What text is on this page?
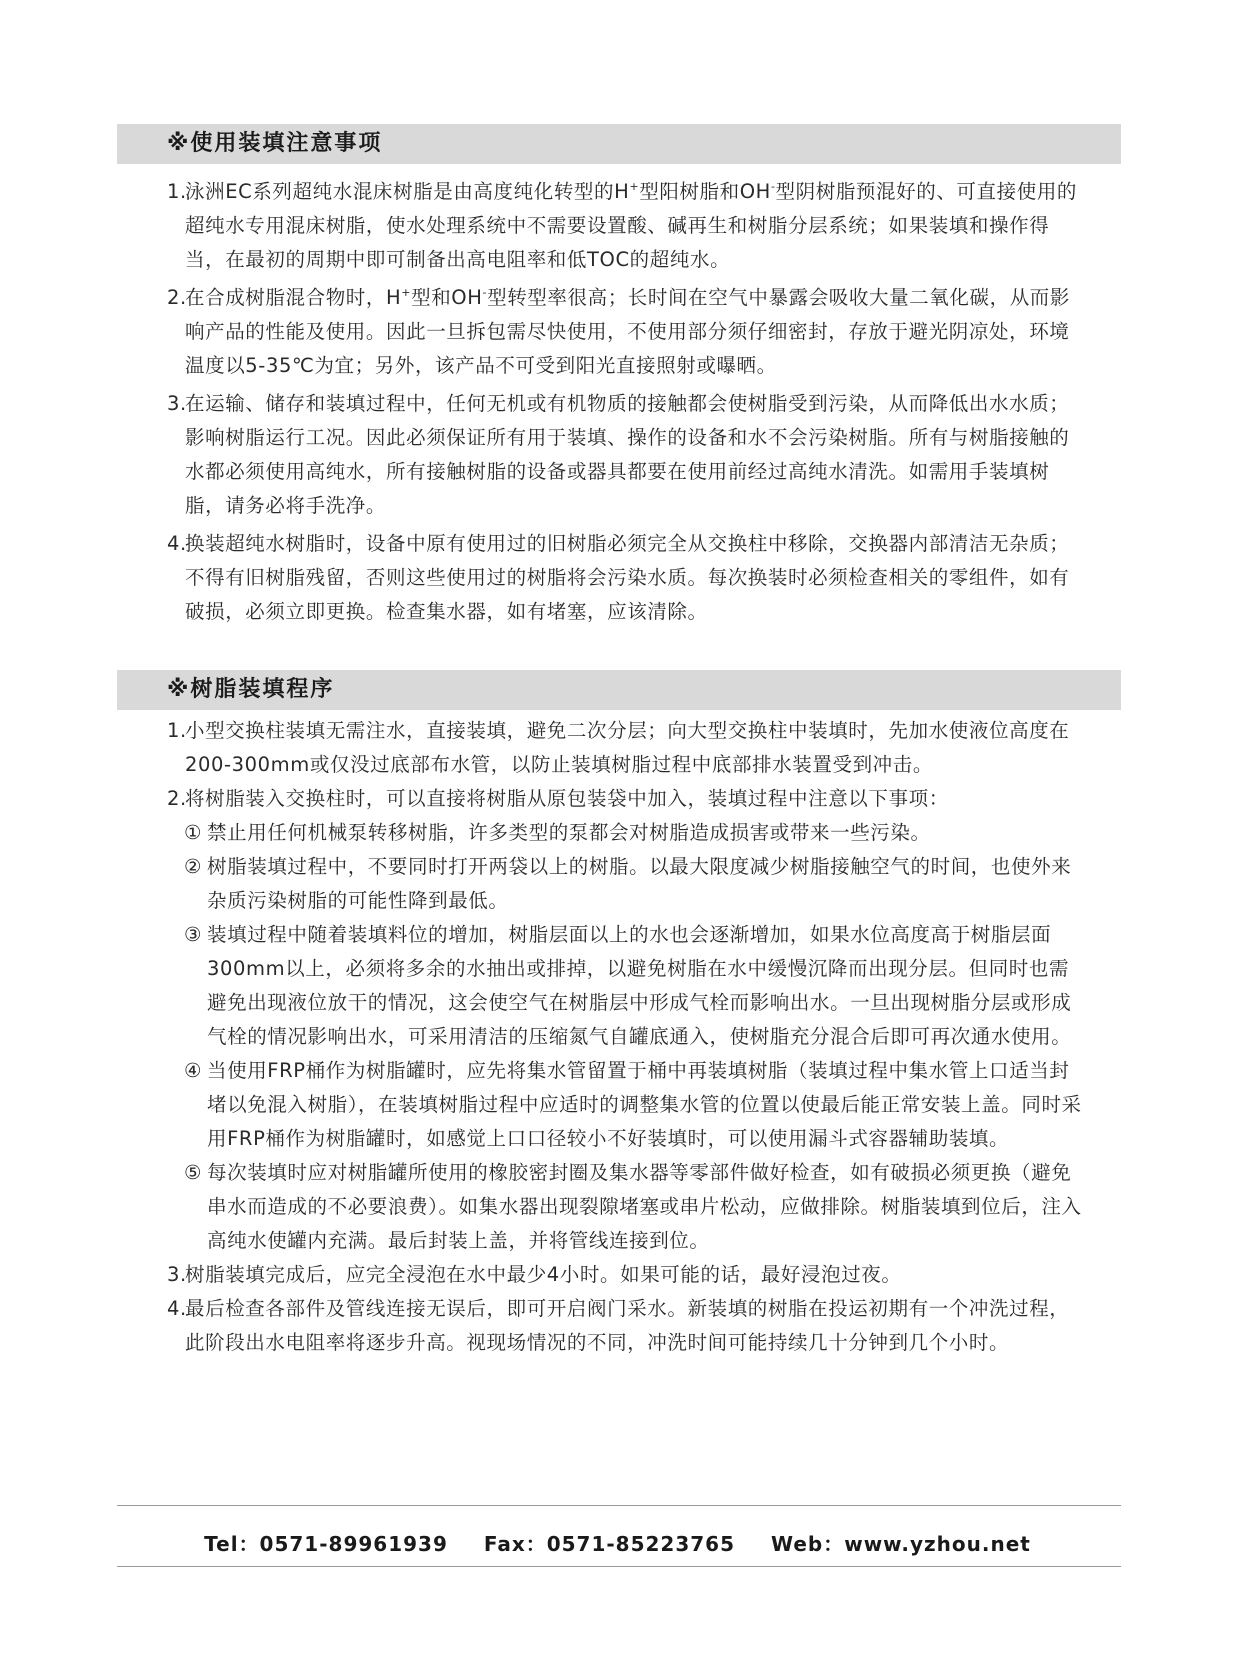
※使用装填注意事项

1.
泳洲EC系列超纯水混床树脂是由高度纯化转型的H+型阳树脂和OH-型阴树脂预混好的、可直接使用的超纯水专用混床树脂，使水处理系统中不需要设置酸、碱再生和树脂分层系统；如果装填和操作得当，在最初的周期中即可制备出高电阻率和低TOC的超纯水。

2.
在合成树脂混合物时，H+型和OH-型转型率很高；长时间在空气中暴露会吸收大量二氧化碳，从而影响产品的性能及使用。因此一旦拆包需尽快使用，不使用部分须仔细密封，存放于避光阴凉处，环境温度以5-35℃为宜；另外，该产品不可受到阳光直接照射或曝晒。

3.
在运输、储存和装填过程中，任何无机或有机物质的接触都会使树脂受到污染，从而降低出水水质；影响树脂运行工况。因此必须保证所有用于装填、操作的设备和水不会污染树脂。所有与树脂接触的水都必须使用高纯水，所有接触树脂的设备或器具都要在使用前经过高纯水清洗。如需用手装填树脂，请务必将手洗净。

4.
换装超纯水树脂时，设备中原有使用过的旧树脂必须完全从交换柱中移除，交换器内部清洁无杂质；不得有旧树脂残留，否则这些使用过的树脂将会污染水质。每次换装时必须检查相关的零组件，如有破损，必须立即更换。检查集水器，如有堵塞，应该清除。

※树脂装填程序

1.
小型交换柱装填无需注水，直接装填，避免二次分层；向大型交换柱中装填时，先加水使液位高度在200-300mm或仅没过底部布水管，以防止装填树脂过程中底部排水装置受到冲击。

2.
将树脂装入交换柱时，可以直接将树脂从原包装袋中加入，装填过程中注意以下事项：

① 禁止用任何机械泵转移树脂，许多类型的泵都会对树脂造成损害或带来一些污染。

② 树脂装填过程中，不要同时打开两袋以上的树脂。以最大限度减少树脂接触空气的时间，也使外来杂质污染树脂的可能性降到最低。

③ 装填过程中随着装填料位的增加，树脂层面以上的水也会逐渐增加，如果水位高度高于树脂层面300mm以上，必须将多余的水抽出或排掉，以避免树脂在水中缓慢沉降而出现分层。但同时也需避免出现液位放干的情况，这会使空气在树脂层中形成气栓而影响出水。一旦出现树脂分层或形成气栓的情况影响出水，可采用清洁的压缩氮气自罐底通入，使树脂充分混合后即可再次通水使用。

④ 当使用FRP桶作为树脂罐时，应先将集水管留置于桶中再装填树脂（装填过程中集水管上口适当封堵以免混入树脂），在装填树脂过程中应适时的调整集水管的位置以使最后能正常安装上盖。同时采用FRP桶作为树脂罐时，如感觉上口口径较小不好装填时，可以使用漏斗式容器辅助装填。

⑤ 每次装填时应对树脂罐所使用的橡胶密封圈及集水器等零部件做好检查，如有破损必须更换（避免串水而造成的不必要浪费）。如集水器出现裂隙堵塞或串片松动，应做排除。树脂装填到位后，注入高纯水使罐内充满。最后封装上盖，并将管线连接到位。

3.
树脂装填完成后，应完全浸泡在水中最少4小时。如果可能的话，最好浸泡过夜。

4.
最后检查各部件及管线连接无误后，即可开启阀门采水。新装填的树脂在投运初期有一个冲洗过程，此阶段出水电阻率将逐步升高。视现场情况的不同，冲洗时间可能持续几十分钟到几个小时。

Tel：0571-89961939 Fax：0571-85223765 Web：www.yzhou.net
